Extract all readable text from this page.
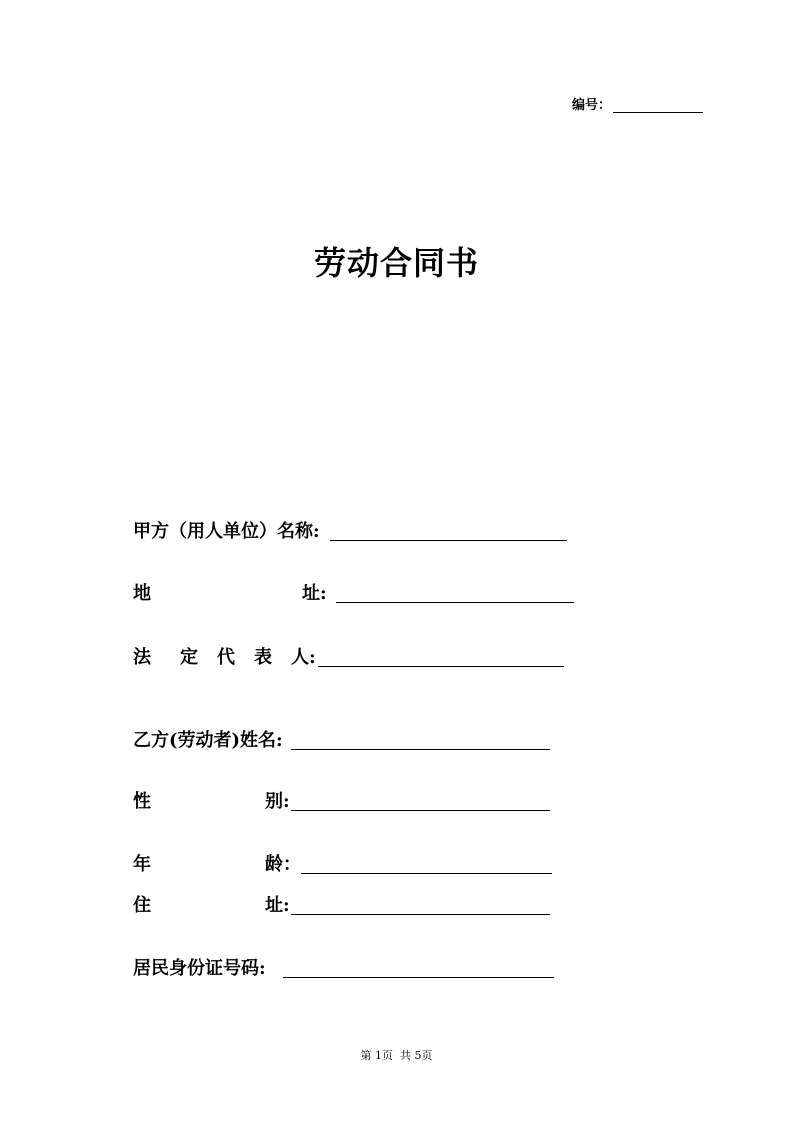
编号：
劳动合同书
甲方（用人单位）名称:
地	址:
法 定 代 表 人:
乙方(劳动者)姓名:
性	别:
年	龄：
住	址:
居民身份证号码:
第 1页  共 5页
